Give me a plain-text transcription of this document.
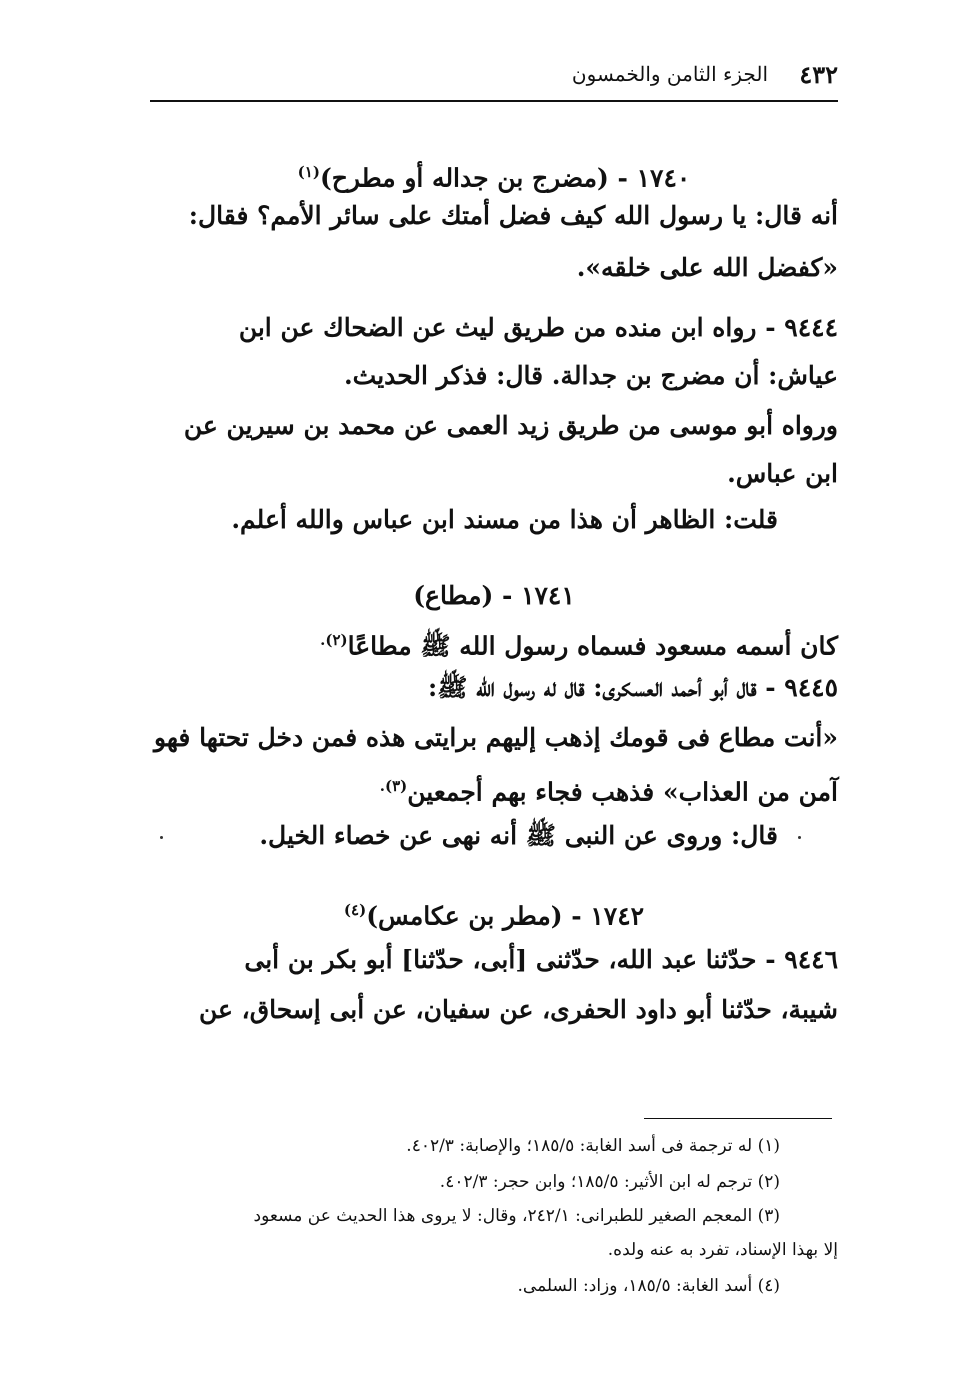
٤٣٢
الجزء الثامن والخمسون
١٧٤٠ - (مضرج بن جداله أو مطرح)$^{(١)}$
أنه قال: يا رسول الله كيف فضل أمتك على سائر الأمم؟ فقال:
«كفضل الله على خلقه».
٩٤٤٤ - رواه ابن منده من طريق ليث عن الضحاك عن ابن
عياش: أن مضرج بن جدالة. قال: فذكر الحديث.
ورواه أبو موسى من طريق زيد العمى عن محمد بن سيرين عن
ابن عباس.
قلت: الظاهر أن هذا من مسند ابن عباس والله أعلم.
١٧٤١ - (مطاع)
كان أسمه مسعود فسماه رسول الله ﷺ مطاعًا$^{(٢).}$
٩٤٤٥ - قال أبو أحمد العسكرى: قال له رسول الله ﷺ:
«أنت مطاع فى قومك إذهب إليهم برايتى هذه فمن دخل تحتها فهو
آمن من العذاب» فذهب فجاء بهم أجمعين$^{(٣).}$
قال: وروى عن النبى ﷺ أنه نهى عن خصاء الخيل.
١٧٤٢ - (مطر بن عكامس)$^{(٤)}$
٩٤٤٦ - حدّثنا عبد الله، حدّثنى [أبى، حدّثنا] أبو بكر بن أبى
شيبة، حدّثنا أبو داود الحفرى، عن سفيان، عن أبى إسحاق، عن
(١) له ترجمة فى أسد الغابة: ١٨٥/٥؛ والإصابة: ٤٠٢/٣.
(٢) ترجم له ابن الأثير: ١٨٥/٥؛ وابن حجر: ٤٠٢/٣.
(٣) المعجم الصغير للطبرانى: ٢٤٢/١، وقال: لا يروى هذا الحديث عن مسعود
إلا بهذا الإسناد، تفرد به عنه ولده.
(٤) أسد الغابة: ١٨٥/٥، وزاد: السلمى.
